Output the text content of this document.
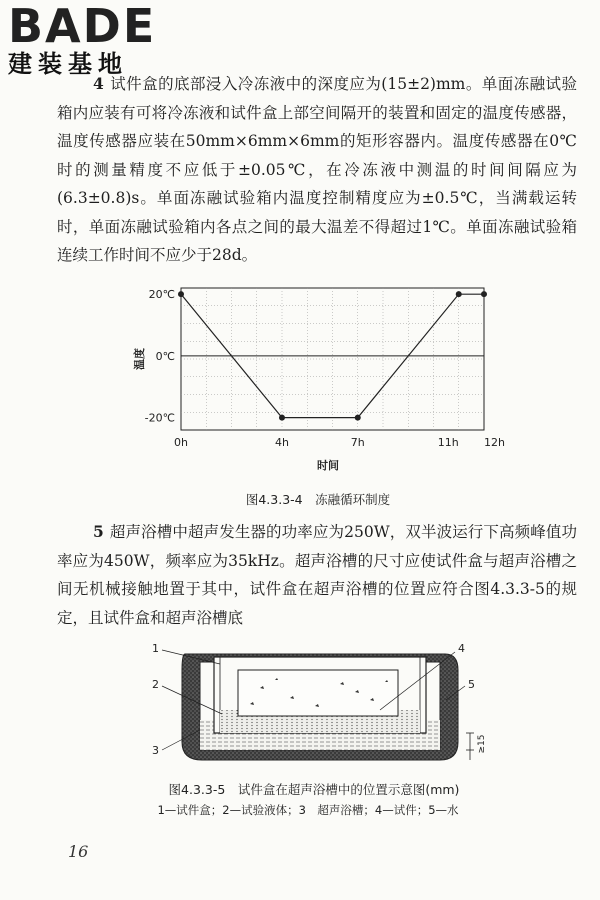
BADE
建装基地

4 试件盒的底部浸入冷冻液中的深度应为(15±2)mm。单面冻融试验箱内应装有可将冷冻液和试件盒上部空间隔开的装置和固定的温度传感器，温度传感器应装在50mm×6mm×6mm的矩形容器内。温度传感器在0℃时的测量精度不应低于±0.05℃，在冷冻液中测温的时间间隔应为(6.3±0.8)s。单面冻融试验箱内温度控制精度应为±0.5℃，当满载运转时，单面冻融试验箱内各点之间的最大温差不得超过1℃。单面冻融试验箱连续工作时间不应少于28d。

20℃
0℃
-20℃
0h	4h	7h	11h 12h
温度
时间
图4.3.3-4　冻融循环制度

5 超声浴槽中超声发生器的功率应为250W，双半波运行下高频峰值功率应为450W，频率应为35kHz。超声浴槽的尺寸应使试件盒与超声浴槽之间无机械接触地置于其中，试件盒在超声浴槽的位置应符合图4.3.3-5的规定，且试件盒和超声浴槽底

1
2
3
4
5
≥15
图4.3.3-5　试件盒在超声浴槽中的位置示意图(mm)
1—试件盒；2—试验液体；3　超声浴槽；4—试件；5—水
16
